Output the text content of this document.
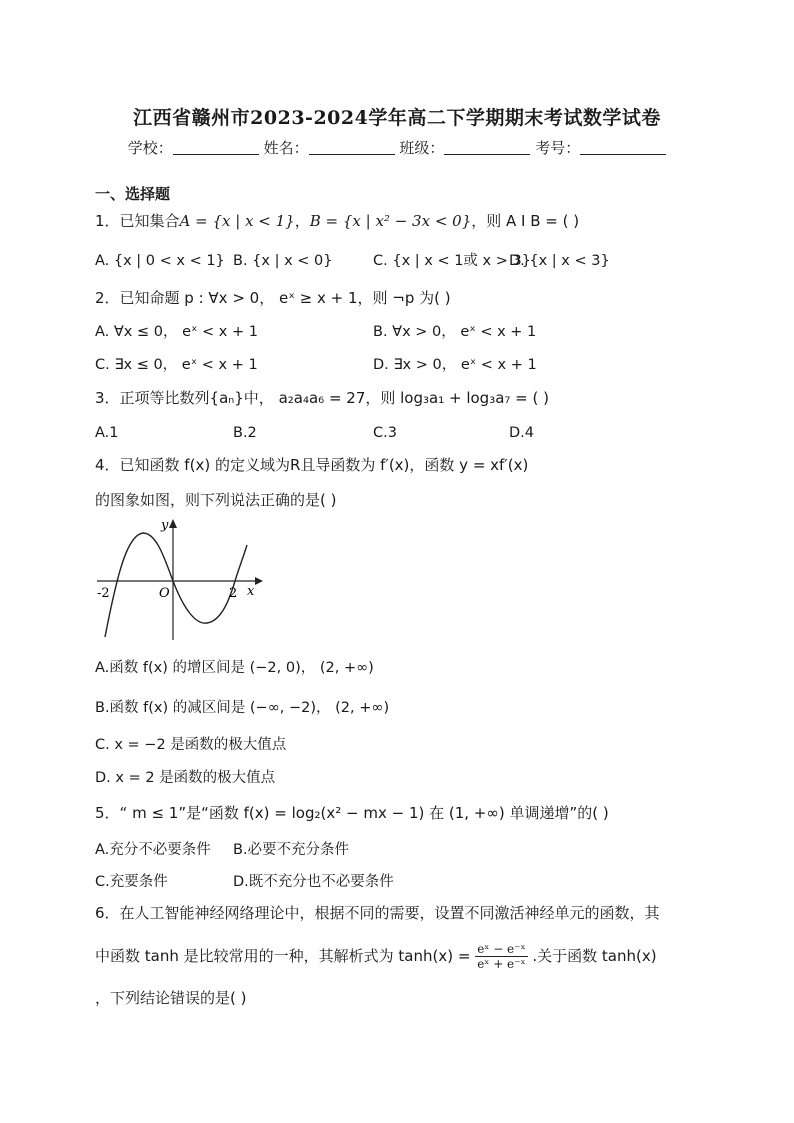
江西省赣州市2023-2024学年高二下学期期末考试数学试卷
学校：	姓名：	班级：	考号：
一、选择题
1．已知集合A = {x | x < 1}，B = {x | x² − 3x < 0}，则 A I B = ( )
A. {x | 0 < x < 1} B. {x | x < 0}	C. {x | x < 1或 x > 3}
D. {x | x < 3}
2．已知命题 p : ∀x > 0， eˣ ≥ x + 1，则 ¬p 为( )
A. ∀x ≤ 0， eˣ < x + 1	B. ∀x > 0， eˣ < x + 1
C. ∃x ≤ 0， eˣ < x + 1	D. ∃x > 0， eˣ < x + 1
3．正项等比数列{aₙ}中， a₂a₄a₆ = 27，则 log₃a₁ + log₃a₇ = ( )
A.1	B.2	C.3	D.4
4．已知函数 f(x) 的定义域为R且导函数为 f′(x)，函数 y = xf′(x)
的图象如图，则下列说法正确的是( )
y
x
O
-2	2
A.函数 f(x) 的增区间是 (−2, 0)， (2, +∞)
B.函数 f(x) 的减区间是 (−∞, −2)， (2, +∞)
C. x = −2 是函数的极大值点
D. x = 2 是函数的极大值点
5．“ m ≤ 1”是“函数 f(x) = log₂(x² − mx − 1) 在 (1, +∞) 单调递增”的( )
A.充分不必要条件 B.必要不充分条件
C.充要条件	D.既不充分也不必要条件
6．在人工智能神经网络理论中，根据不同的需要，设置不同激活神经单元的函数，其
中函数 tanh 是比较常用的一种，其解析式为 $\tanh(x) = \frac{\text{eˣ − e⁻ˣ}}{\text{eˣ + e⁻ˣ}}$ .关于函数 tanh(x)
，下列结论错误的是( )
